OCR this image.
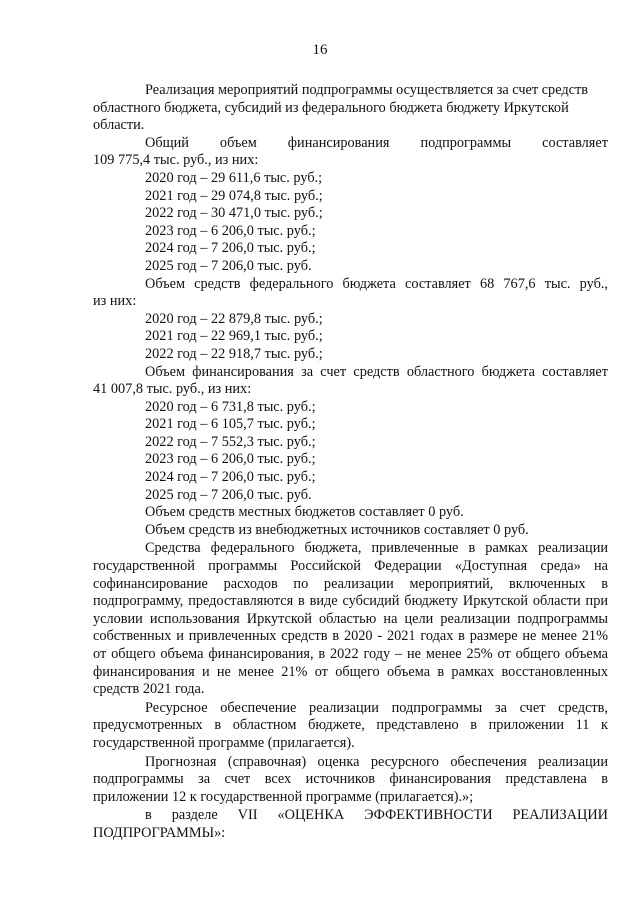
16
Реализация мероприятий подпрограммы осуществляется за счет средств
областного бюджета, субсидий из федерального бюджета бюджету Иркутской
области.
Общий объем финансирования подпрограммы составляет
109 775,4 тыс. руб., из них:
2020 год – 29 611,6 тыс. руб.;
2021 год – 29 074,8 тыс. руб.;
2022 год – 30 471,0 тыс. руб.;
2023 год – 6 206,0 тыс. руб.;
2024 год – 7 206,0 тыс. руб.;
2025 год – 7 206,0 тыс. руб.
Объем средств федерального бюджета составляет 68 767,6 тыс. руб.,
из них:
2020 год – 22 879,8 тыс. руб.;
2021 год – 22 969,1 тыс. руб.;
2022 год – 22 918,7 тыс. руб.;
Объем финансирования за счет средств областного бюджета составляет
41 007,8 тыс. руб., из них:
2020 год – 6 731,8 тыс. руб.;
2021 год – 6 105,7 тыс. руб.;
2022 год – 7 552,3 тыс. руб.;
2023 год – 6 206,0 тыс. руб.;
2024 год – 7 206,0 тыс. руб.;
2025 год – 7 206,0 тыс. руб.
Объем средств местных бюджетов составляет 0 руб.
Объем средств из внебюджетных источников составляет 0 руб.
Средства федерального бюджета, привлеченные в рамках реализации государственной программы Российской Федерации «Доступная среда» на софинансирование расходов по реализации мероприятий, включенных в подпрограмму, предоставляются в виде субсидий бюджету Иркутской области при условии использования Иркутской областью на цели реализации подпрограммы собственных и привлеченных средств в 2020 - 2021 годах в размере не менее 21% от общего объема финансирования, в 2022 году – не менее 25% от общего объема финансирования и не менее 21% от общего объема в рамках восстановленных средств 2021 года.
Ресурсное обеспечение реализации подпрограммы за счет средств, предусмотренных в областном бюджете, представлено в приложении 11 к государственной программе (прилагается).
Прогнозная (справочная) оценка ресурсного обеспечения реализации подпрограммы за счет всех источников финансирования представлена в приложении 12 к государственной программе (прилагается).»;
в разделе VII «ОЦЕНКА ЭФФЕКТИВНОСТИ РЕАЛИЗАЦИИ
ПОДПРОГРАММЫ»:
